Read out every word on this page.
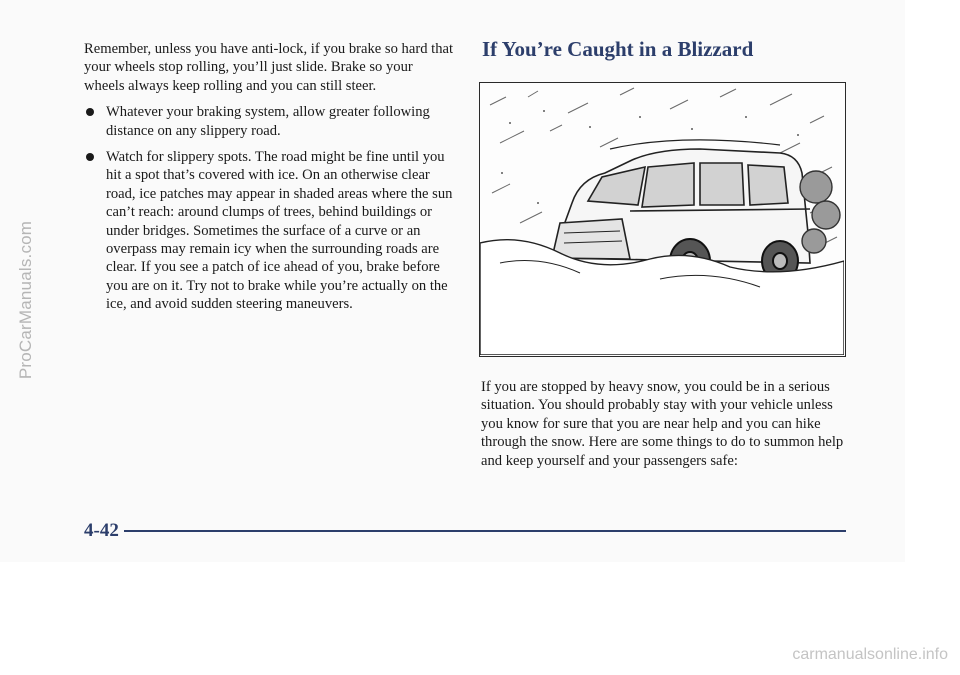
ProCarManuals.com

Remember, unless you have anti-lock, if you brake so hard that your wheels stop rolling, you’ll just slide. Brake so your wheels always keep rolling and you can still steer.

Whatever your braking system, allow greater following distance on any slippery road.
Watch for slippery spots. The road might be fine until you hit a spot that’s covered with ice. On an otherwise clear road, ice patches may appear in shaded areas where the sun can’t reach: around clumps of trees, behind buildings or under bridges. Sometimes the surface of a curve or an overpass may remain icy when the surrounding roads are clear. If you see a patch of ice ahead of you, brake before you are on it. Try not to brake while you’re actually on the ice, and avoid sudden steering maneuvers.
If You’re Caught in a Blizzard

If you are stopped by heavy snow, you could be in a serious situation. You should probably stay with your vehicle unless you know for sure that you are near help and you can hike through the snow. Here are some things to do to summon help and keep yourself and your passengers safe:

4-42
carmanualsonline.info
